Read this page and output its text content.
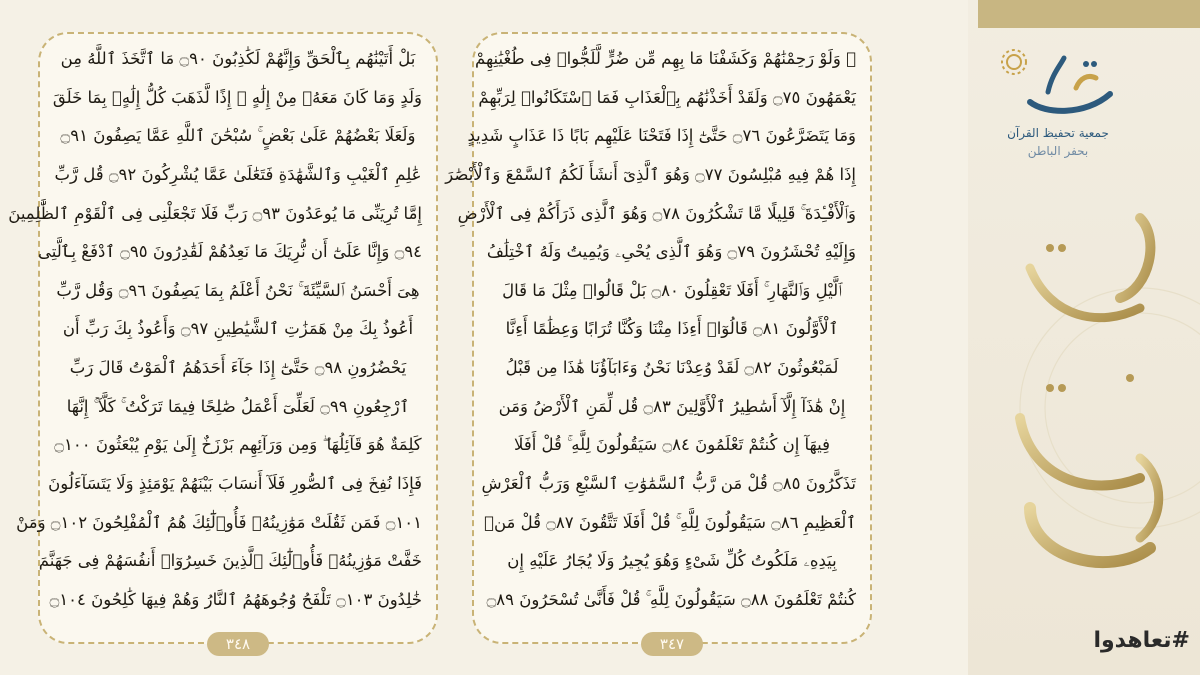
۞ وَلَوْ رَحِمْنَٰهُمْ وَكَشَفْنَا مَا بِهِم مِّن ضُرٍّ لَّلَجُّوا۟ فِى طُغْيَٰنِهِمْ
يَعْمَهُونَ ۝٧٥ وَلَقَدْ أَخَذْنَٰهُم بِٱلْعَذَابِ فَمَا ٱسْتَكَانُوا۟ لِرَبِّهِمْ
وَمَا يَتَضَرَّعُونَ ۝٧٦ حَتَّىٰٓ إِذَا فَتَحْنَا عَلَيْهِم بَابًا ذَا عَذَابٍ شَدِيدٍ
إِذَا هُمْ فِيهِ مُبْلِسُونَ ۝٧٧ وَهُوَ ٱلَّذِىٓ أَنشَأَ لَكُمُ ٱلسَّمْعَ وَٱلْأَبْصَٰرَ
وَٱلْأَفْـِٔدَةَ ۚ قَلِيلًا مَّا تَشْكُرُونَ ۝٧٨ وَهُوَ ٱلَّذِى ذَرَأَكُمْ فِى ٱلْأَرْضِ
وَإِلَيْهِ تُحْشَرُونَ ۝٧٩ وَهُوَ ٱلَّذِى يُحْىِۦ وَيُمِيتُ وَلَهُ ٱخْتِلَٰفُ
ٱلَّيْلِ وَٱلنَّهَارِ ۚ أَفَلَا تَعْقِلُونَ ۝٨٠ بَلْ قَالُوا۟ مِثْلَ مَا قَالَ
ٱلْأَوَّلُونَ ۝٨١ قَالُوٓا۟ أَءِذَا مِتْنَا وَكُنَّا تُرَابًا وَعِظَٰمًا أَءِنَّا
لَمَبْعُوثُونَ ۝٨٢ لَقَدْ وُعِدْنَا نَحْنُ وَءَابَآؤُنَا هَٰذَا مِن قَبْلُ
إِنْ هَٰذَآ إِلَّآ أَسَٰطِيرُ ٱلْأَوَّلِينَ ۝٨٣ قُل لِّمَنِ ٱلْأَرْضُ وَمَن
فِيهَآ إِن كُنتُمْ تَعْلَمُونَ ۝٨٤ سَيَقُولُونَ لِلَّهِ ۚ قُلْ أَفَلَا
تَذَكَّرُونَ ۝٨٥ قُلْ مَن رَّبُّ ٱلسَّمَٰوَٰتِ ٱلسَّبْعِ وَرَبُّ ٱلْعَرْشِ
ٱلْعَظِيمِ ۝٨٦ سَيَقُولُونَ لِلَّهِ ۚ قُلْ أَفَلَا تَتَّقُونَ ۝٨٧ قُلْ مَنۢ
بِيَدِهِۦ مَلَكُوتُ كُلِّ شَىْءٍ وَهُوَ يُجِيرُ وَلَا يُجَارُ عَلَيْهِ إِن
كُنتُمْ تَعْلَمُونَ ۝٨٨ سَيَقُولُونَ لِلَّهِ ۚ قُلْ فَأَنَّىٰ تُسْحَرُونَ ۝٨٩
٣٤٧
بَلْ أَتَيْنَٰهُم بِٱلْحَقِّ وَإِنَّهُمْ لَكَٰذِبُونَ ۝٩٠ مَا ٱتَّخَذَ ٱللَّهُ مِن
وَلَدٍ وَمَا كَانَ مَعَهُۥ مِنْ إِلَٰهٍ ۚ إِذًا لَّذَهَبَ كُلُّ إِلَٰهٍۭ بِمَا خَلَقَ
وَلَعَلَا بَعْضُهُمْ عَلَىٰ بَعْضٍ ۚ سُبْحَٰنَ ٱللَّهِ عَمَّا يَصِفُونَ ۝٩١
عَٰلِمِ ٱلْغَيْبِ وَٱلشَّهَٰدَةِ فَتَعَٰلَىٰ عَمَّا يُشْرِكُونَ ۝٩٢ قُل رَّبِّ
إِمَّا تُرِيَنِّى مَا يُوعَدُونَ ۝٩٣ رَبِّ فَلَا تَجْعَلْنِى فِى ٱلْقَوْمِ ٱلظَّٰلِمِينَ
۝٩٤ وَإِنَّا عَلَىٰٓ أَن نُّرِيَكَ مَا نَعِدُهُمْ لَقَٰدِرُونَ ۝٩٥ ٱدْفَعْ بِٱلَّتِى
هِىَ أَحْسَنُ ٱلسَّيِّئَةَ ۚ نَحْنُ أَعْلَمُ بِمَا يَصِفُونَ ۝٩٦ وَقُل رَّبِّ
أَعُوذُ بِكَ مِنْ هَمَزَٰتِ ٱلشَّيَٰطِينِ ۝٩٧ وَأَعُوذُ بِكَ رَبِّ أَن
يَحْضُرُونِ ۝٩٨ حَتَّىٰٓ إِذَا جَآءَ أَحَدَهُمُ ٱلْمَوْتُ قَالَ رَبِّ
ٱرْجِعُونِ ۝٩٩ لَعَلِّىٓ أَعْمَلُ صَٰلِحًا فِيمَا تَرَكْتُ ۚ كَلَّآ ۚ إِنَّهَا
كَلِمَةٌ هُوَ قَآئِلُهَا ۖ وَمِن وَرَآئِهِم بَرْزَخٌ إِلَىٰ يَوْمِ يُبْعَثُونَ ۝١٠٠
فَإِذَا نُفِخَ فِى ٱلصُّورِ فَلَآ أَنسَابَ بَيْنَهُمْ يَوْمَئِذٍ وَلَا يَتَسَآءَلُونَ
۝١٠١ فَمَن ثَقُلَتْ مَوَٰزِينُهُۥ فَأُو۟لَٰٓئِكَ هُمُ ٱلْمُفْلِحُونَ ۝١٠٢ وَمَنْ
خَفَّتْ مَوَٰزِينُهُۥ فَأُو۟لَٰٓئِكَ ٱلَّذِينَ خَسِرُوٓا۟ أَنفُسَهُمْ فِى جَهَنَّمَ
خَٰلِدُونَ ۝١٠٣ تَلْفَحُ وُجُوهَهُمُ ٱلنَّارُ وَهُمْ فِيهَا كَٰلِحُونَ ۝١٠٤
٣٤٨
جمعية تحفيظ القرآن
بحفر الباطن
#تعاهدوا
